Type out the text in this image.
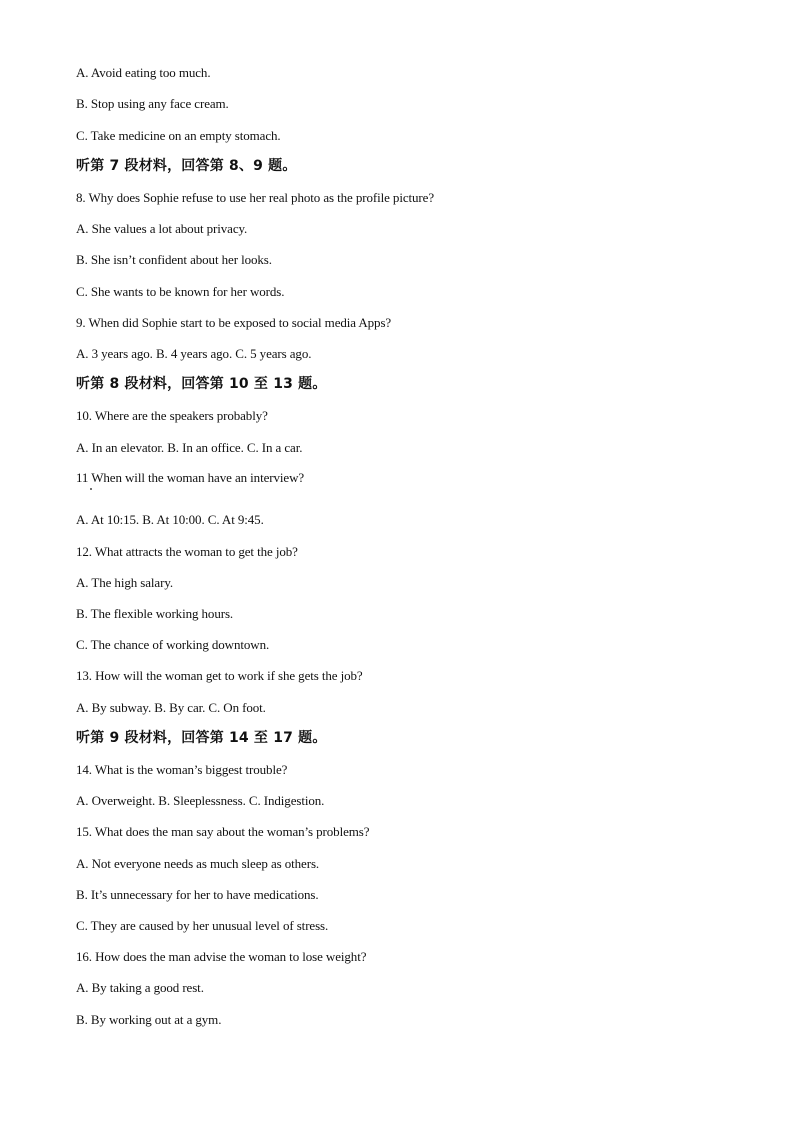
A. Avoid eating too much.
B. Stop using any face cream.
C. Take medicine on an empty stomach.
听第 7 段材料，回答第 8、9 题。
8. Why does Sophie refuse to use her real photo as the profile picture?
A. She values a lot about privacy.
B. She isn’t confident about her looks.
C. She wants to be known for her words.
9. When did Sophie start to be exposed to social media Apps?
A. 3 years ago. B. 4 years ago. C. 5 years ago.
听第 8 段材料，回答第 10 至 13 题。
10. Where are the speakers probably?
A. In an elevator. B. In an office. C. In a car.
11 When will the woman have an interview?
A. At 10:15. B. At 10:00. C. At 9:45.
12. What attracts the woman to get the job?
A. The high salary.
B. The flexible working hours.
C. The chance of working downtown.
13. How will the woman get to work if she gets the job?
A. By subway. B. By car. C. On foot.
听第 9 段材料，回答第 14 至 17 题。
14. What is the woman’s biggest trouble?
A. Overweight. B. Sleeplessness. C. Indigestion.
15. What does the man say about the woman’s problems?
A. Not everyone needs as much sleep as others.
B. It’s unnecessary for her to have medications.
C. They are caused by her unusual level of stress.
16. How does the man advise the woman to lose weight?
A. By taking a good rest.
B. By working out at a gym.
